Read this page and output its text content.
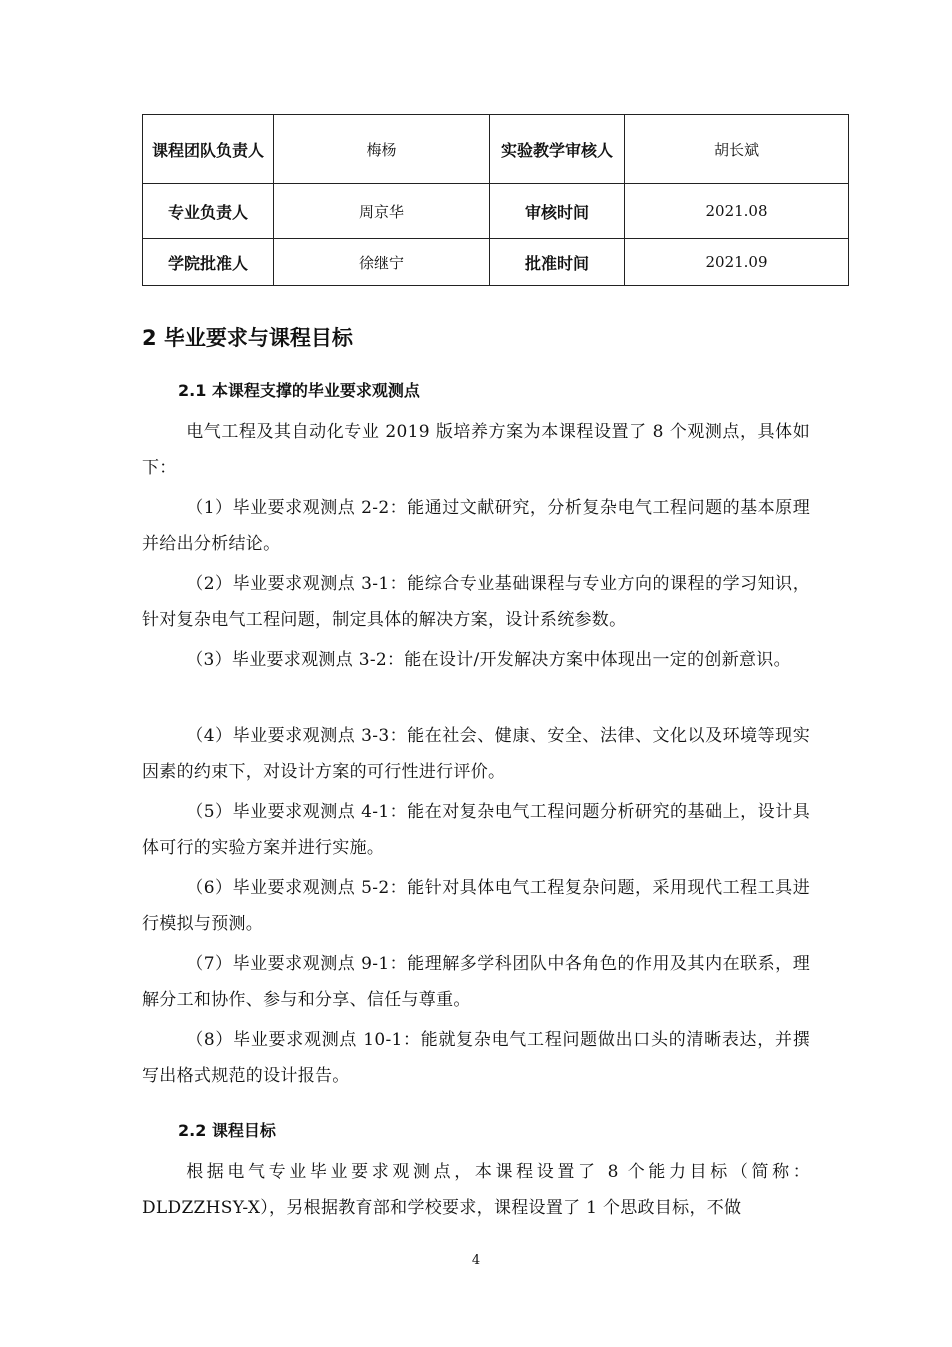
课程团队负责人	梅杨	实验教学审核人	胡长斌
专业负责人	周京华	审核时间	2021.08
学院批准人	徐继宁	批准时间	2021.09
2 毕业要求与课程目标
2.1 本课程支撑的毕业要求观测点
电气工程及其自动化专业 2019 版培养方案为本课程设置了 8 个观测点，具体如下：
（1）毕业要求观测点 2-2：能通过文献研究，分析复杂电气工程问题的基本原理并给出分析结论。
（2）毕业要求观测点 3-1：能综合专业基础课程与专业方向的课程的学习知识，针对复杂电气工程问题，制定具体的解决方案，设计系统参数。
（3）毕业要求观测点 3-2：能在设计/开发解决方案中体现出一定的创新意识。
（4）毕业要求观测点 3-3：能在社会、健康、安全、法律、文化以及环境等现实因素的约束下，对设计方案的可行性进行评价。
（5）毕业要求观测点 4-1：能在对复杂电气工程问题分析研究的基础上，设计具体可行的实验方案并进行实施。
（6）毕业要求观测点 5-2：能针对具体电气工程复杂问题，采用现代工程工具进行模拟与预测。
（7）毕业要求观测点 9-1：能理解多学科团队中各角色的作用及其内在联系，理解分工和协作、参与和分享、信任与尊重。
（8）毕业要求观测点 10-1：能就复杂电气工程问题做出口头的清晰表达，并撰写出格式规范的设计报告。
2.2 课程目标
根据电气专业毕业要求观测点，本课程设置了 8 个能力目标（简称：DLDZZHSY-X），另根据教育部和学校要求，课程设置了 1 个思政目标，不做
4
